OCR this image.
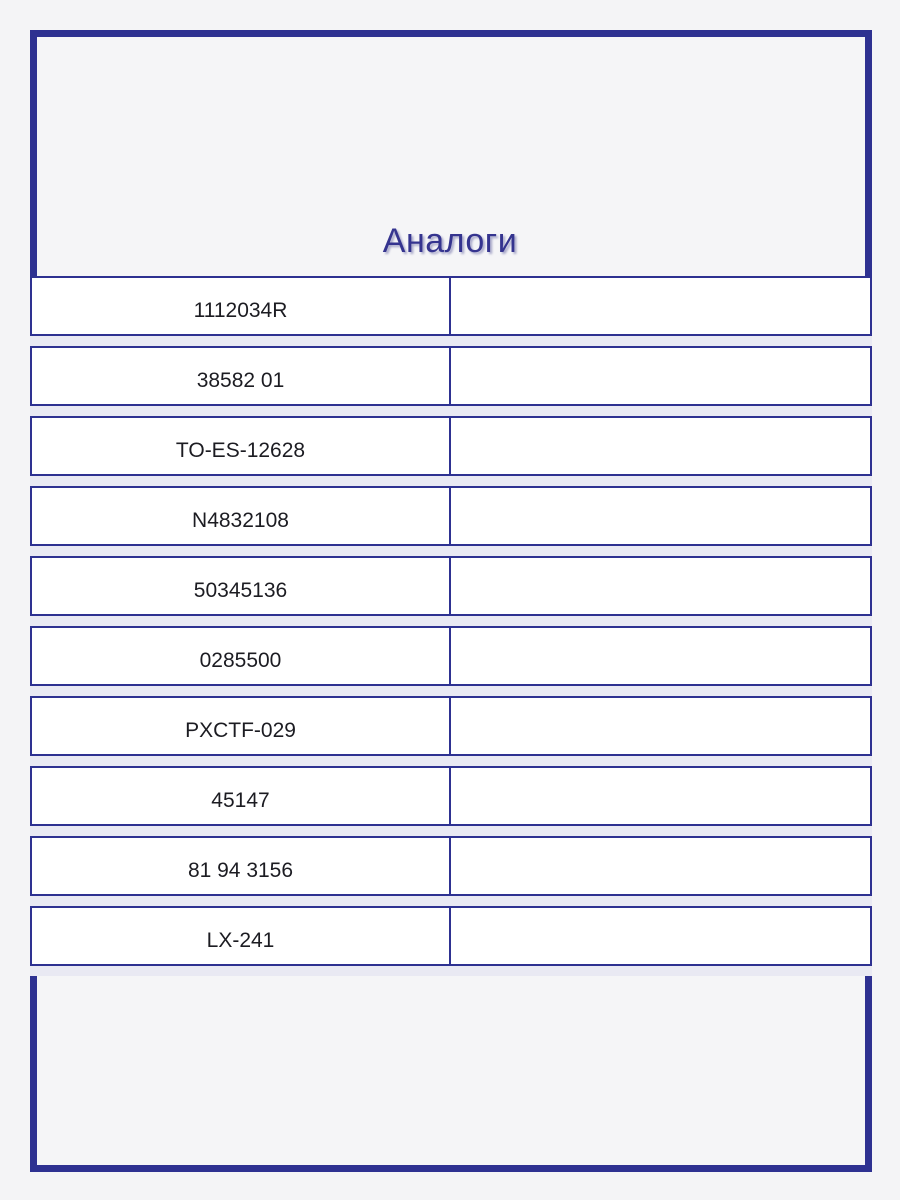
Аналоги
1112034R
38582 01
TO-ES-12628
N4832108
50345136
0285500
PXCTF-029
45147
81 94 3156
LX-241
